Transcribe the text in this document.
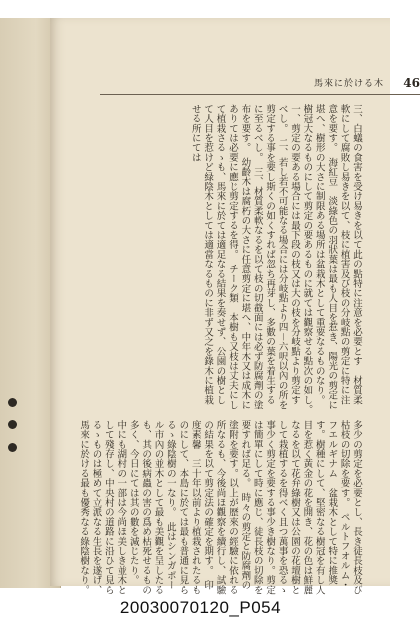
馬來に於ける木 46
三、白蟻の食害を受け易きを以て此の點特に注意を必要とす　材質柔軟にして腐敗し易きを以て、枝に植害及び枝の分岐點の剪定に特に注意を要す。　海紅豆　淡綠色の羽狀葉は最も人目を惹き、陽光の剪定に堪へ、樹形の大さに制限ある場所は盆栽木として重要なるものなり。樹冠大なるものにして剪定の要あるものに就ては觀察せる點次の如し。　一、剪定の要ある場合には最下段の枝又は大の枝を分岐點より剪定すべし。　二、若し若不可能なる場合には分岐點より四－六呎以內の所を剪定する事を要し斯くの如くすれば忽ち再芽し、多數の葉を着生するに至るべし。　三、材質柔軟なるを以て枝の切截面には必ず防腐劑の塗布を要す。　幼齡木は腐朽の大さに任意剪定に堪へ、中年木又は成木にありては必要に應じ剪定するを得。　チーク類　本樹も又枝は丈夫にして植栽さるゝも、馬來に於ては適足なる結果を奏せず、公園の樹として人目を惹けど緑陰木としては適當なるものに非ず又之を錄木に植栽せる所にては
多少の剪定を必要とし、長き徒長枝及び枯枝の切除を要す。　ペルトフオルム・フエルギナム　盆栽木として特に推獎す。樹種にして、堅密なる樹冠を有し人目を惹く黃金の花を開き、花の色は鮮麗なるを以て花弁綠樹又は公園の花壇樹として栽植するを得べく且つ萬事を恐るゝ事少く剪定を要する事少き樹なり。剪定は簡單にして時に應じ、徒長枝の切除を要すれば足る。　時々の剪定と防腐劑の塗附を要す。以上が歴來の經驗に依れる所なるも、今後尚ほ觀察を續行し、試驗の結果を以て剪定法の確定を期す。　印度素馨　三十年以前より植栽されたるものにして、本島に於ては最も普通に見らるゝ綠陰樹の一なり。　此はシンガポール市內の並木として最も美觀を呈したるも、其の後病蟲の害の爲め枯死せるもの多く、今日にては其の數を減じたり。　中にも湖村の一部は今尚ほ美しき並木として殘存し、中央村の道路に沿ひて見らるゝものは極めて立派なる生長を遂げ、馬來に於ける最も優秀なる綠陰樹なり。
20030070120_P054
